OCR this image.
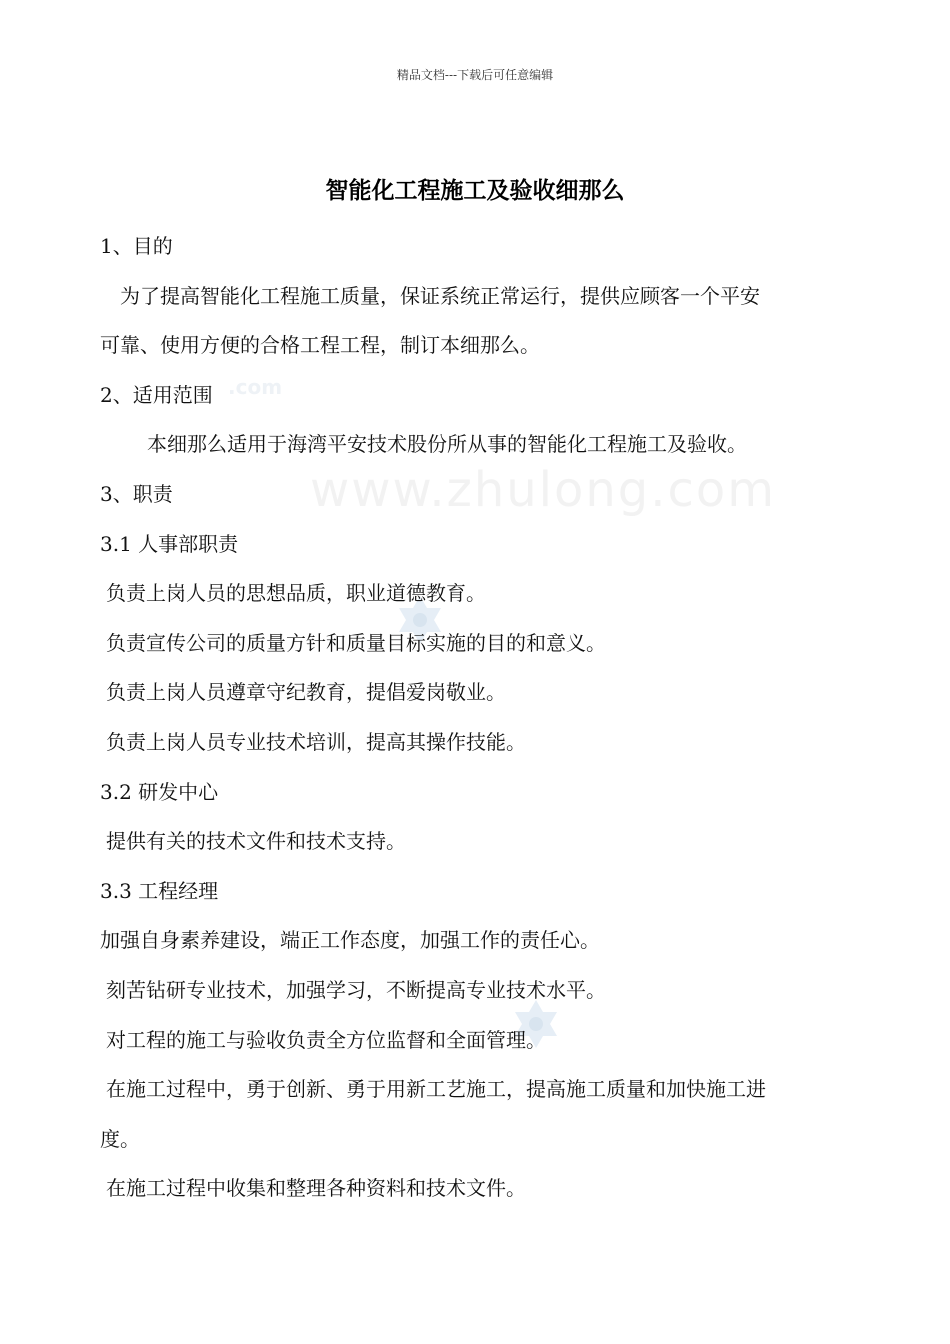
精品文档---下载后可任意编辑
.com
www.zhulong.com
智能化工程施工及验收细那么

1、目的

为了提高智能化工程施工质量，保证系统正常运行，提供应顾客一个平安

可靠、使用方便的合格工程工程，制订本细那么。

2、适用范围

本细那么适用于海湾平安技术股份所从事的智能化工程施工及验收。

3、职责

3.1 人事部职责

负责上岗人员的思想品质，职业道德教育。

负责宣传公司的质量方针和质量目标实施的目的和意义。

负责上岗人员遵章守纪教育，提倡爱岗敬业。

负责上岗人员专业技术培训，提高其操作技能。

3.2 研发中心

提供有关的技术文件和技术支持。

3.3 工程经理

加强自身素养建设，端正工作态度，加强工作的责任心。

刻苦钻研专业技术，加强学习，不断提高专业技术水平。

对工程的施工与验收负责全方位监督和全面管理。

在施工过程中，勇于创新、勇于用新工艺施工，提高施工质量和加快施工进

度。

在施工过程中收集和整理各种资料和技术文件。
